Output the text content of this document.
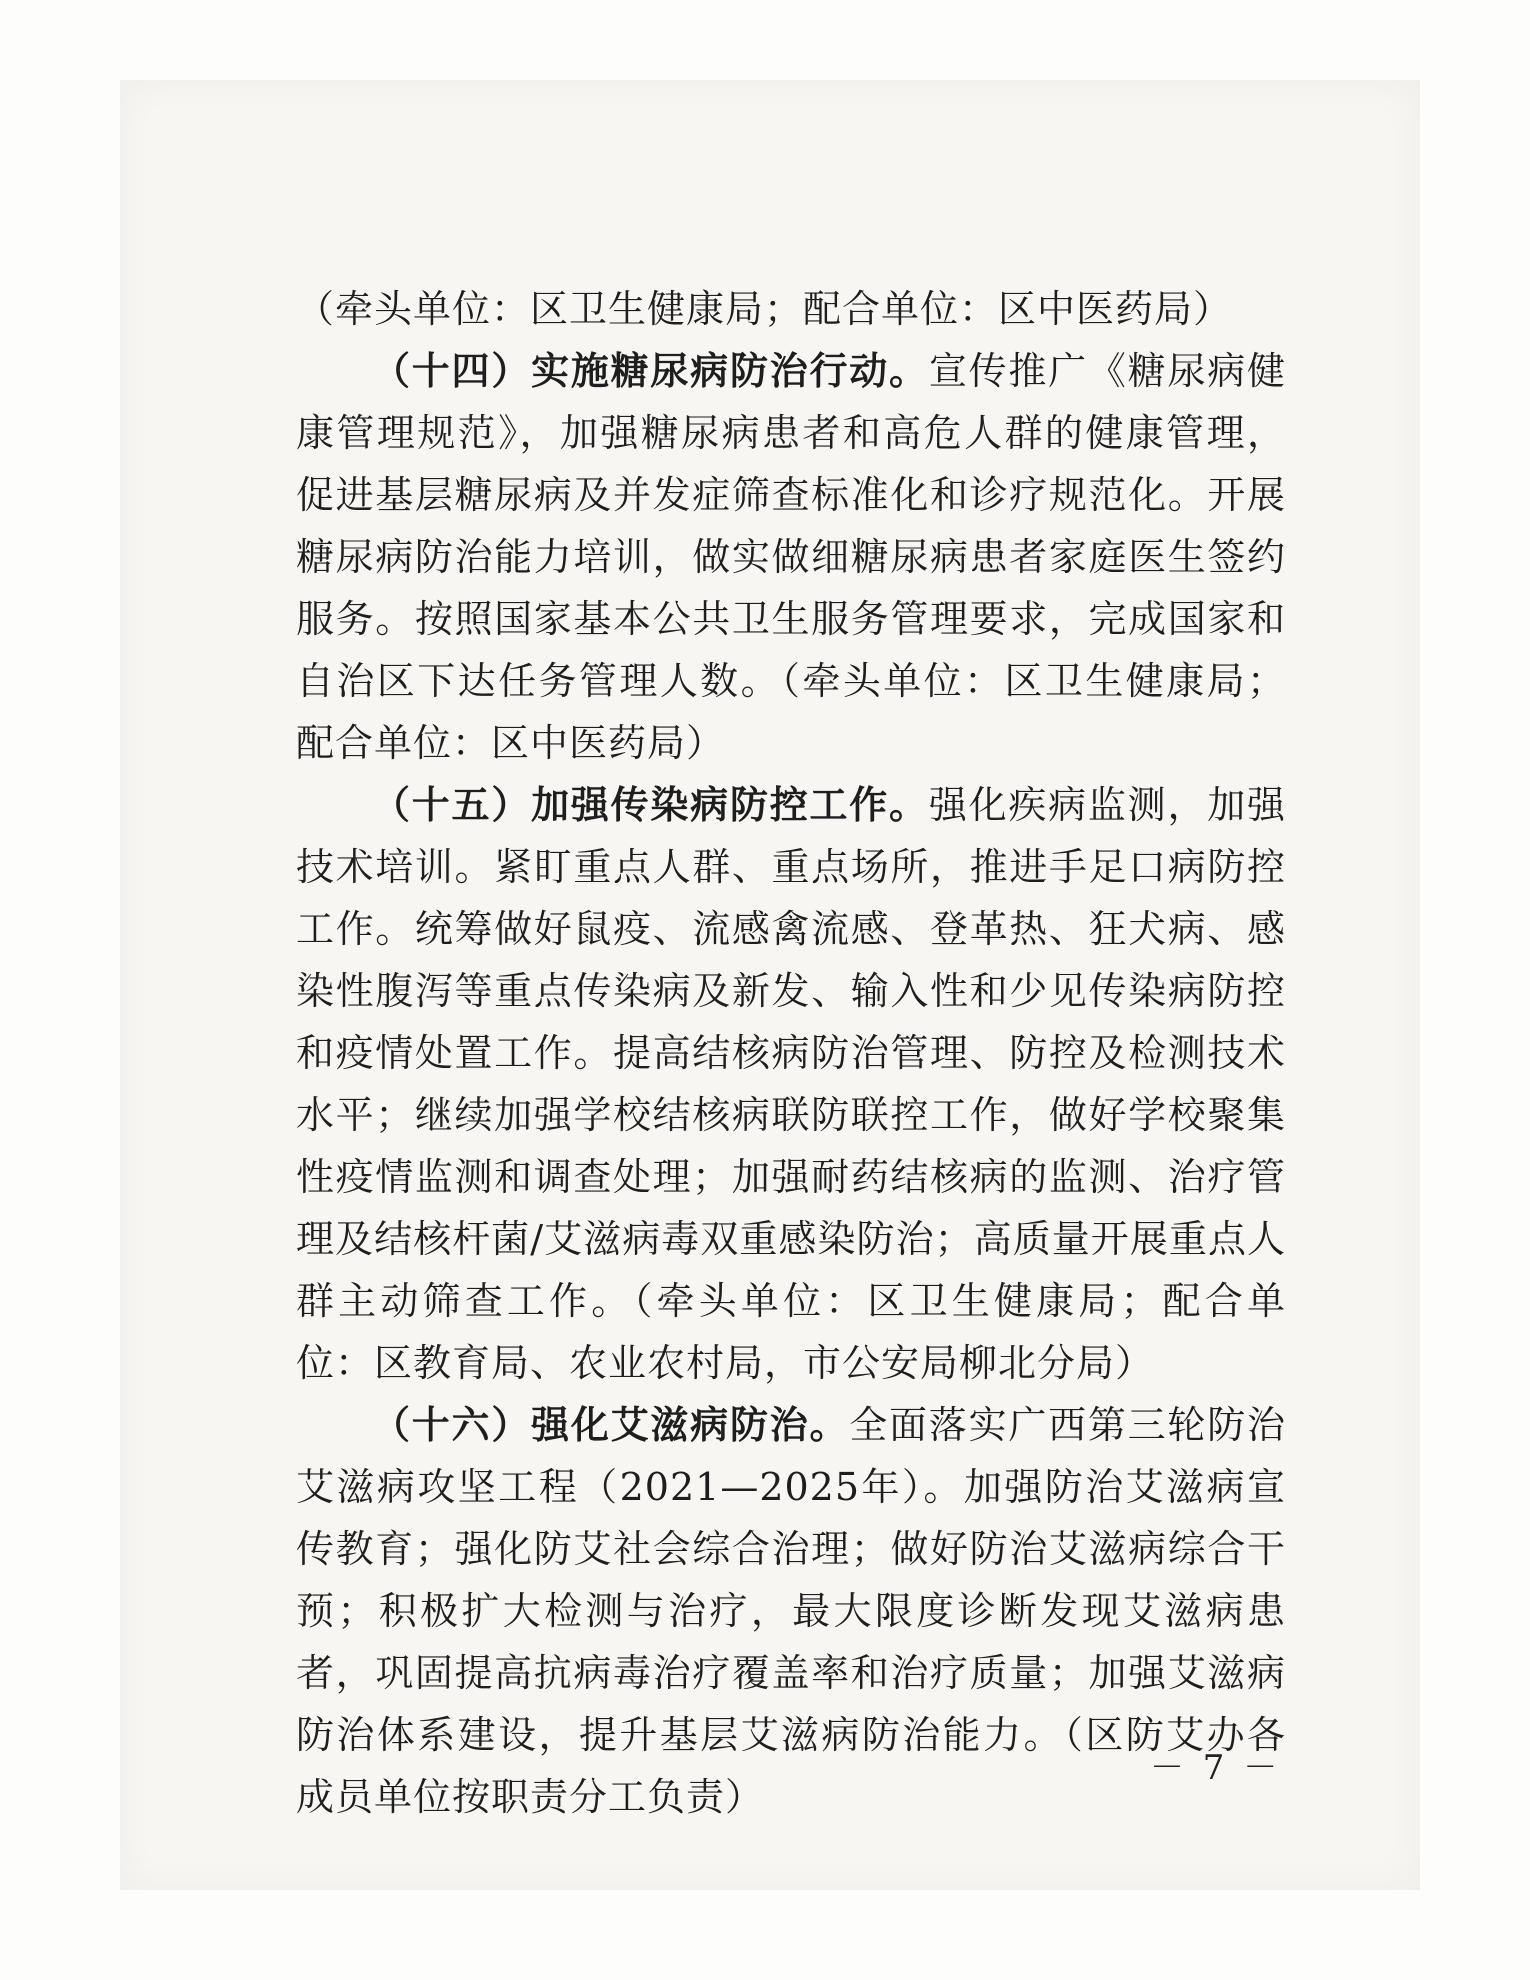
（牵头单位：区卫生健康局；配合单位：区中医药局）

（十四）实施糖尿病防治行动。宣传推广《糖尿病健康管理规范》，加强糖尿病患者和高危人群的健康管理，促进基层糖尿病及并发症筛查标准化和诊疗规范化。开展糖尿病防治能力培训，做实做细糖尿病患者家庭医生签约服务。按照国家基本公共卫生服务管理要求，完成国家和自治区下达任务管理人数。（牵头单位：区卫生健康局；配合单位：区中医药局）

（十五）加强传染病防控工作。强化疾病监测，加强技术培训。紧盯重点人群、重点场所，推进手足口病防控工作。统筹做好鼠疫、流感禽流感、登革热、狂犬病、感染性腹泻等重点传染病及新发、输入性和少见传染病防控和疫情处置工作。提高结核病防治管理、防控及检测技术水平；继续加强学校结核病联防联控工作，做好学校聚集性疫情监测和调查处理；加强耐药结核病的监测、治疗管理及结核杆菌/艾滋病毒双重感染防治；高质量开展重点人群主动筛查工作。（牵头单位：区卫生健康局；配合单位：区教育局、农业农村局，市公安局柳北分局）

（十六）强化艾滋病防治。全面落实广西第三轮防治艾滋病攻坚工程（2021—2025年）。加强防治艾滋病宣传教育；强化防艾社会综合治理；做好防治艾滋病综合干预；积极扩大检测与治疗，最大限度诊断发现艾滋病患者，巩固提高抗病毒治疗覆盖率和治疗质量；加强艾滋病防治体系建设，提升基层艾滋病防治能力。（区防艾办各成员单位按职责分工负责）

－ 7 －
